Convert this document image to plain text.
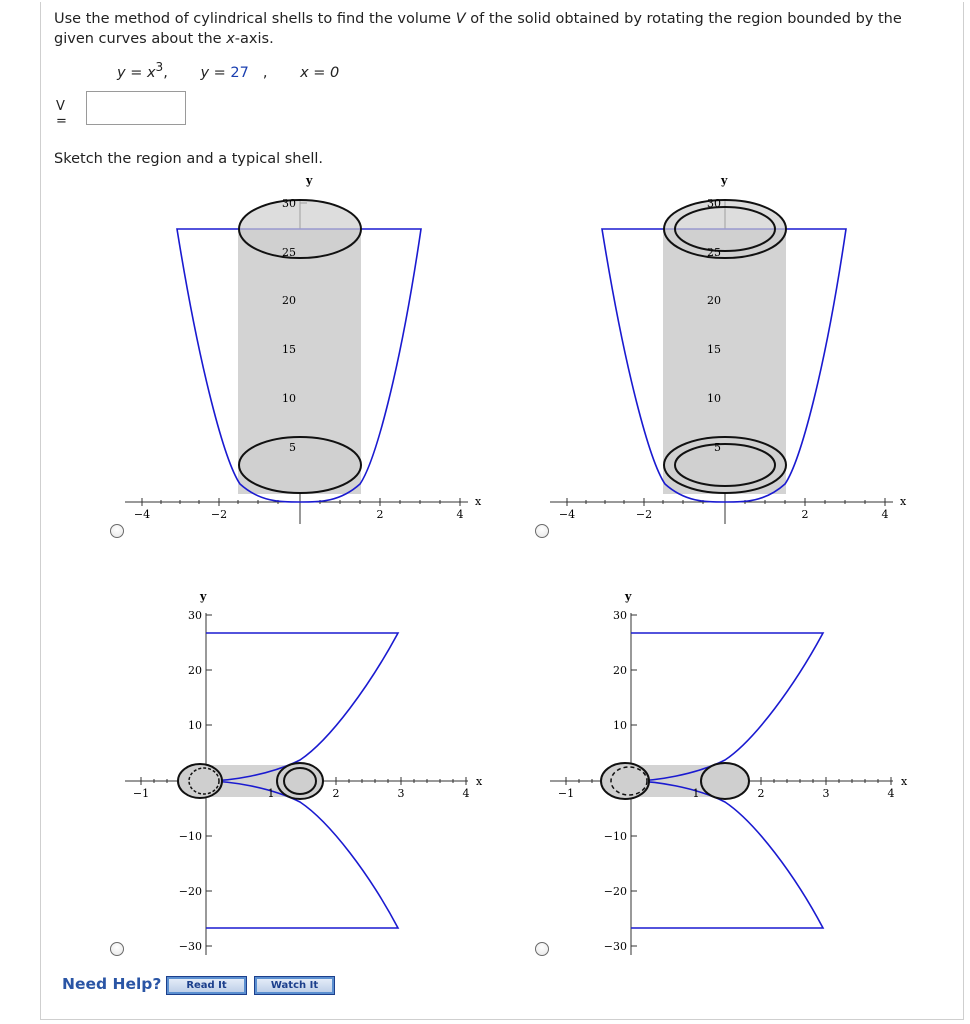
Use the method of cylindrical shells to find the volume V of the solid obtained by rotating the region bounded by the given curves about the x-axis.
$y = x^3$, y = 27 , x = 0
V =
Sketch the region and a typical shell.
y
x
−4	−2	2	4
30
25
20
15
10
5
y
x
−4	−2	2	4
30
25
20
15
10
5
y
x
−1	1	2	3	4
30
20
10
−10
−20
−30
y
x
−1	1	2	3	4
30
20
10
−10
−20
−30
Need Help?	Read It	Watch It
